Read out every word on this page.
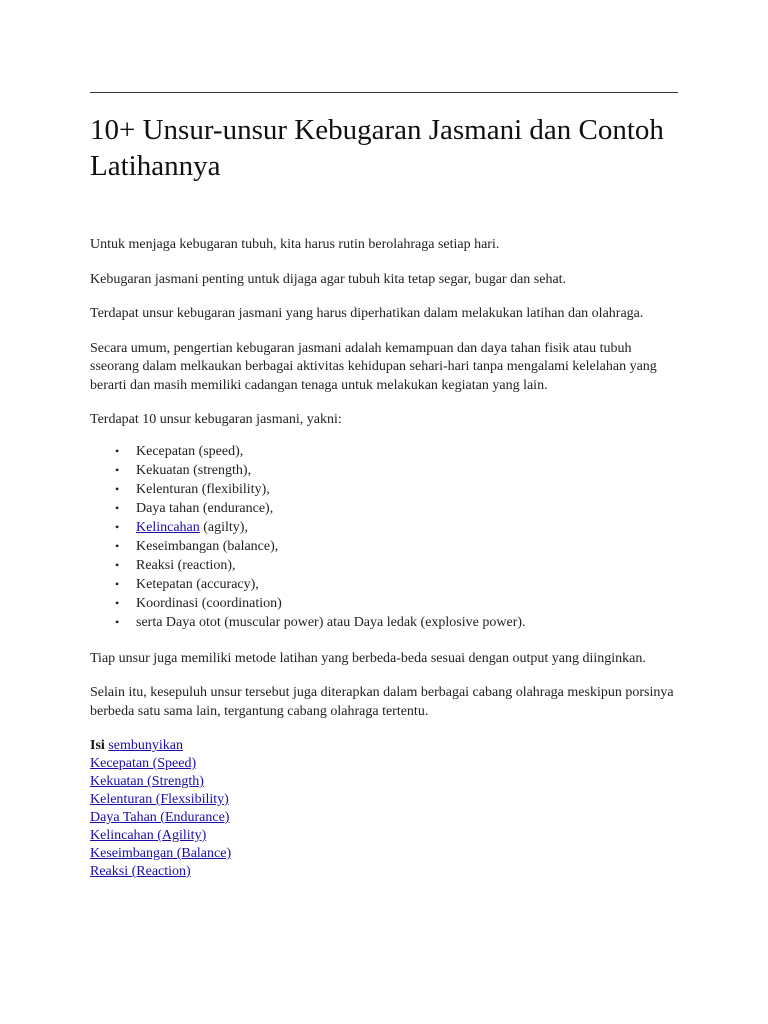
10+ Unsur-unsur Kebugaran Jasmani dan Contoh Latihannya

Untuk menjaga kebugaran tubuh, kita harus rutin berolahraga setiap hari.

Kebugaran jasmani penting untuk dijaga agar tubuh kita tetap segar, bugar dan sehat.

Terdapat unsur kebugaran jasmani yang harus diperhatikan dalam melakukan latihan dan olahraga.

Secara umum, pengertian kebugaran jasmani adalah kemampuan dan daya tahan fisik atau tubuh sseorang dalam melkaukan berbagai aktivitas kehidupan sehari-hari tanpa mengalami kelelahan yang berarti dan masih memiliki cadangan tenaga untuk melakukan kegiatan yang lain.

Terdapat 10 unsur kebugaran jasmani, yakni:

• Kecepatan (speed),
• Kekuatan (strength),
• Kelenturan (flexibility),
• Daya tahan (endurance),
• Kelincahan (agilty),
• Keseimbangan (balance),
• Reaksi (reaction),
• Ketepatan (accuracy),
• Koordinasi (coordination)
• serta Daya otot (muscular power) atau Daya ledak (explosive power).

Tiap unsur juga memiliki metode latihan yang berbeda-beda sesuai dengan output yang diinginkan.

Selain itu, kesepuluh unsur tersebut juga diterapkan dalam berbagai cabang olahraga meskipun porsinya berbeda satu sama lain, tergantung cabang olahraga tertentu.

Isi sembunyikan
Kecepatan (Speed)
Kekuatan (Strength)
Kelenturan (Flexsibility)
Daya Tahan (Endurance)
Kelincahan (Agility)
Keseimbangan (Balance)
Reaksi (Reaction)
